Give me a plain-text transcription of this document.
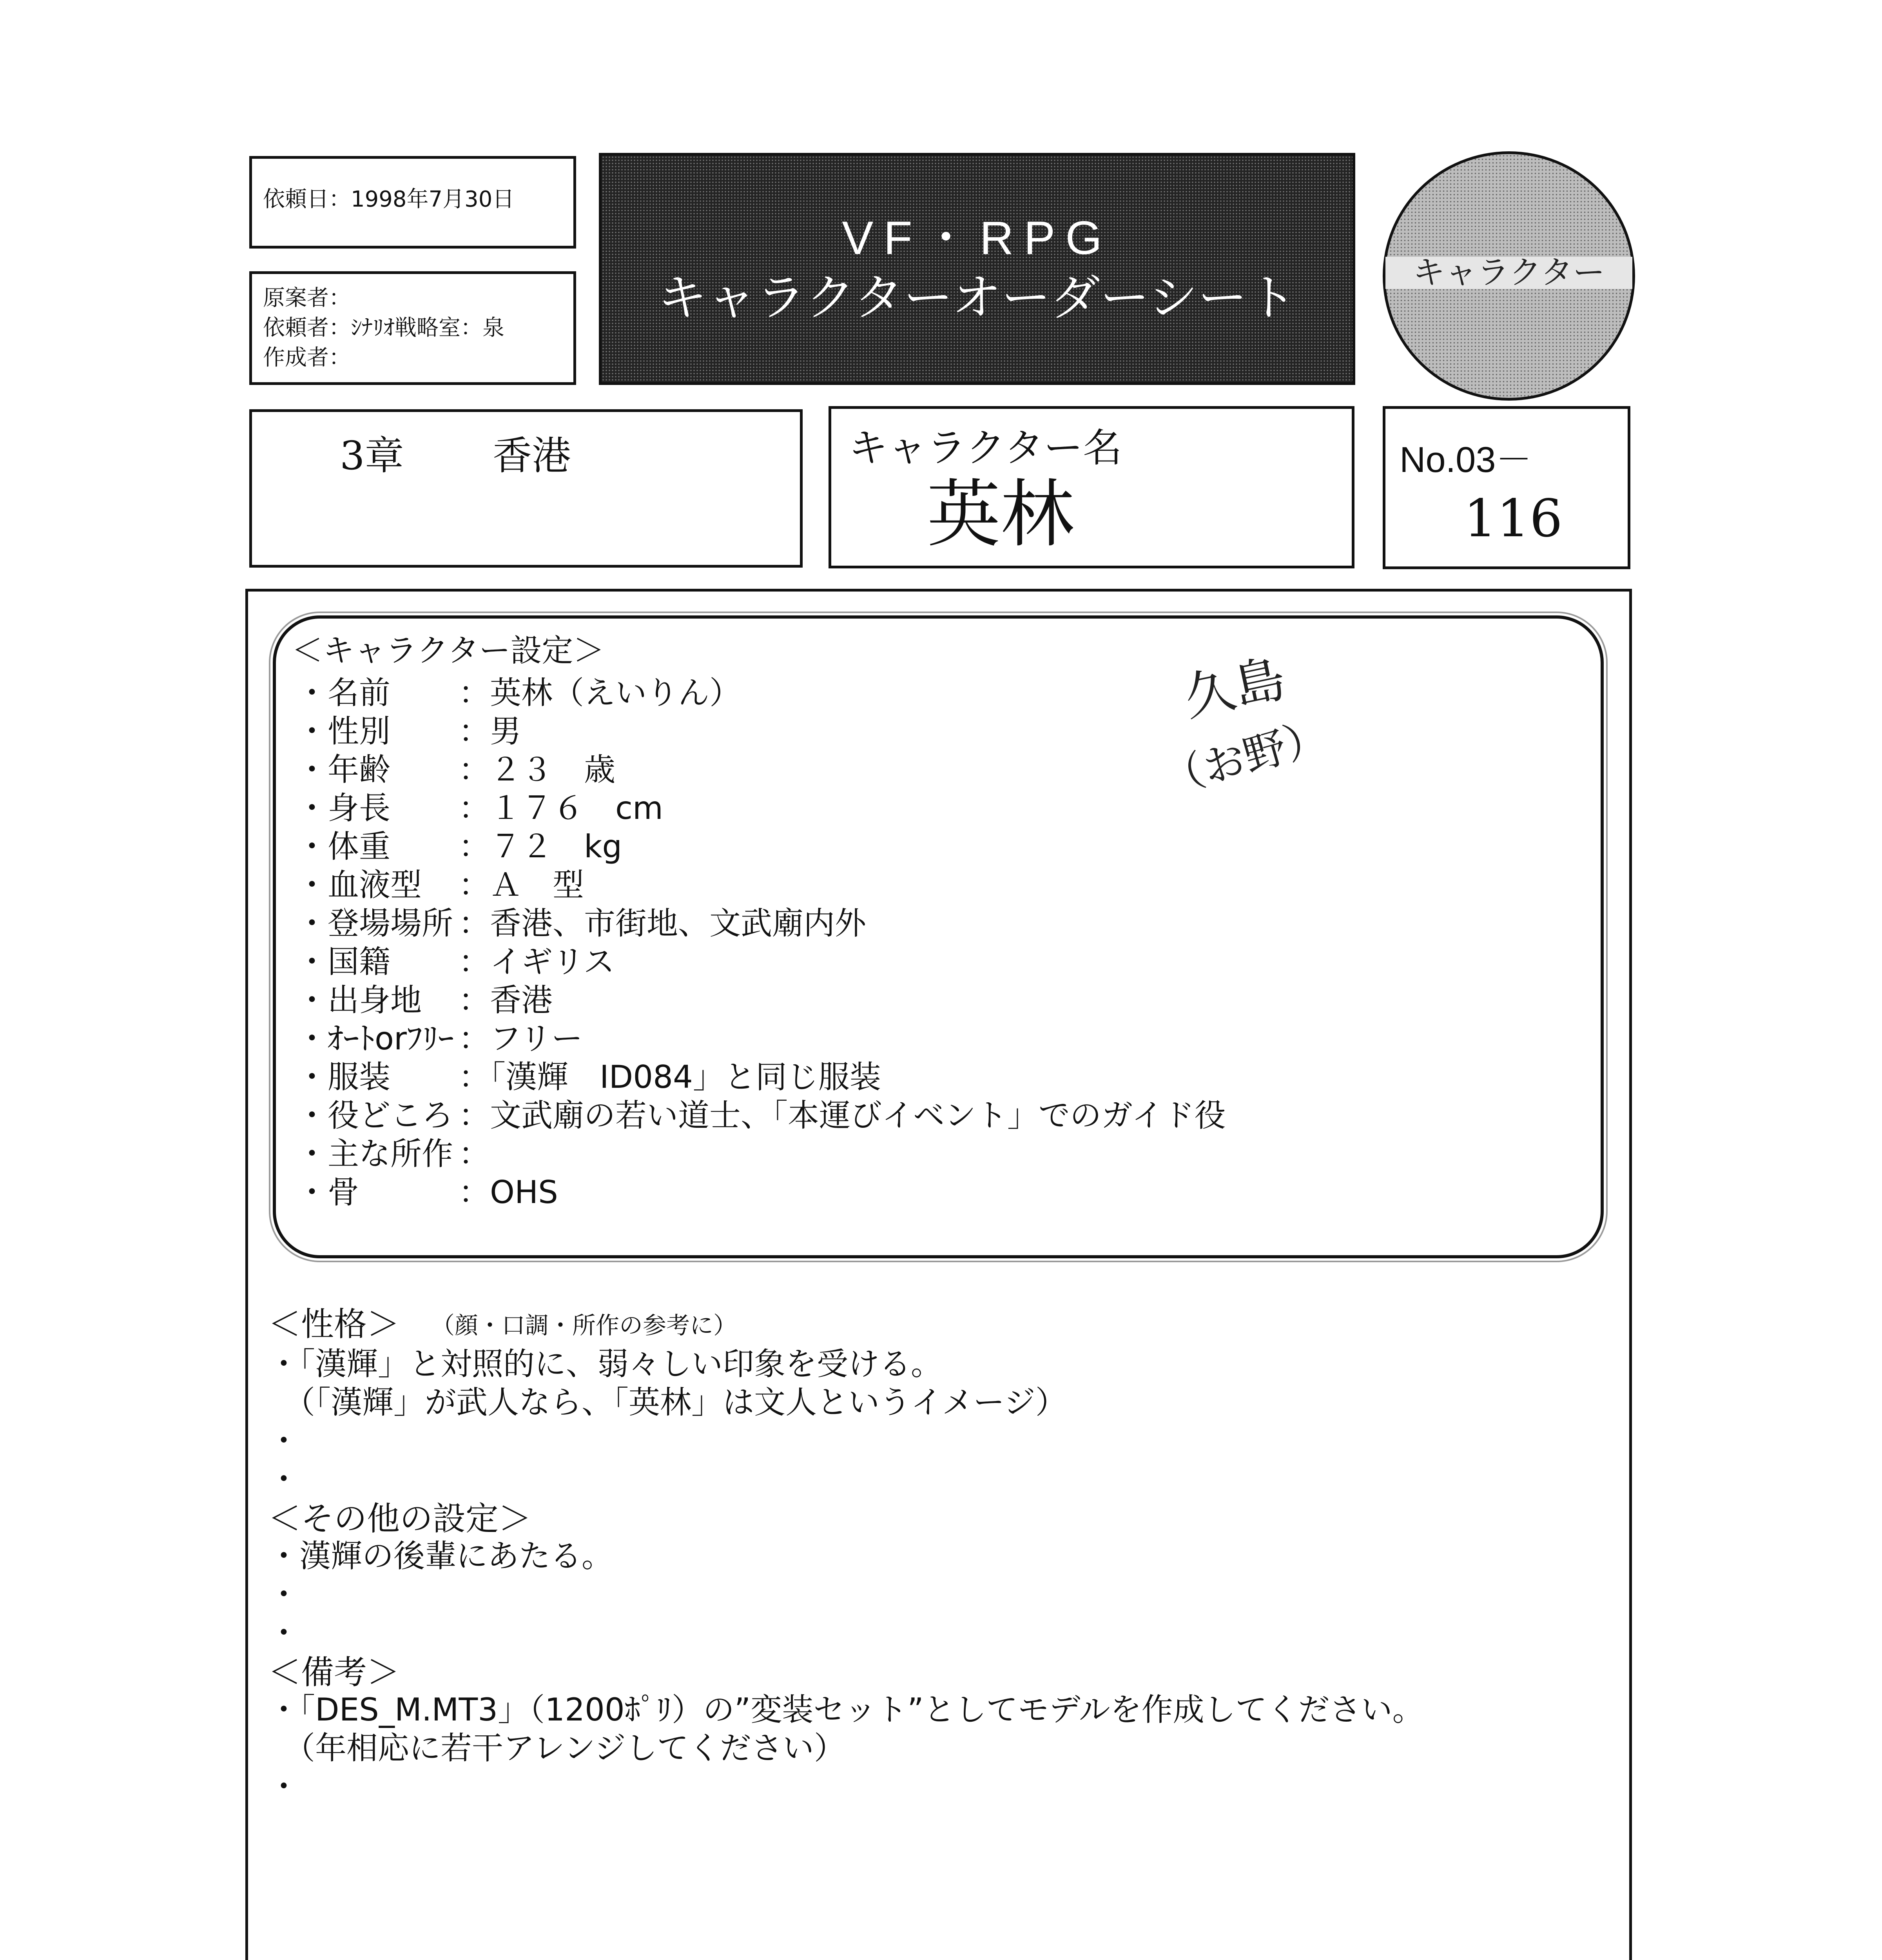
依頼日：1998年7月30日
原案者：
依頼者：ｼﾅﾘｵ戦略室：泉
作成者：
VF・RPG
キャラクターオーダーシート	キャラクター
3章 香港	キャラクター名
英林
No.03－
116
＜キャラクター設定＞
・名前 ：英林（えいりん）
・性別 ：男
・年齢 ：２３　歳
・身長 ：１７６　cm
・体重 ：７２　kg
・血液型 ：Ａ　型
・登場場所 ：香港、市街地、文武廟内外
・国籍 ：イギリス
・出身地 ：香港
・ｵｰﾄorﾌﾘｰ ：フリー
・服装 ：「漢輝　ID084」と同じ服装
・役どころ ：文武廟の若い道士、「本運びイベント」でのガイド役
・主な所作 ：
・骨	：OHS
久島
（お野）
＜性格＞ （顔・口調・所作の参考に）
・「漢輝」と対照的に、弱々しい印象を受ける。
　（「漢輝」が武人なら、「英林」は文人というイメージ）
・
・
＜その他の設定＞
・漢輝の後輩にあたる。
・
・
＜備考＞
・「DES_M.MT3」（1200ﾎﾟﾘ）の”変装セット”としてモデルを作成してください。
　（年相応に若干アレンジしてください）
・
